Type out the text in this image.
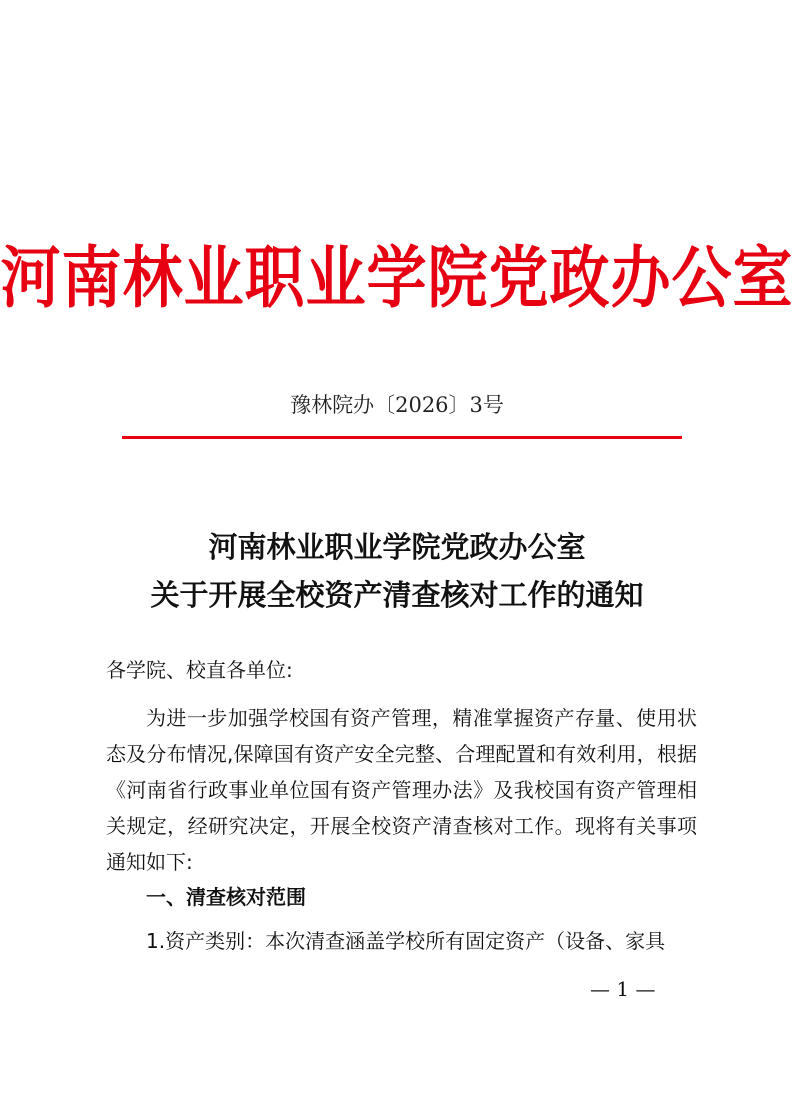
河南林业职业学院党政办公室
豫林院办〔2026〕3号
河南林业职业学院党政办公室
关于开展全校资产清查核对工作的通知
各学院、校直各单位:
为进一步加强学校国有资产管理，精准掌握资产存量、使用状态及分布情况,保障国有资产安全完整、合理配置和有效利用，根据《河南省行政事业单位国有资产管理办法》及我校国有资产管理相关规定，经研究决定，开展全校资产清查核对工作。现将有关事项通知如下:
一、清查核对范围
1.资产类别：本次清查涵盖学校所有固定资产（设备、家具
— 1 —
